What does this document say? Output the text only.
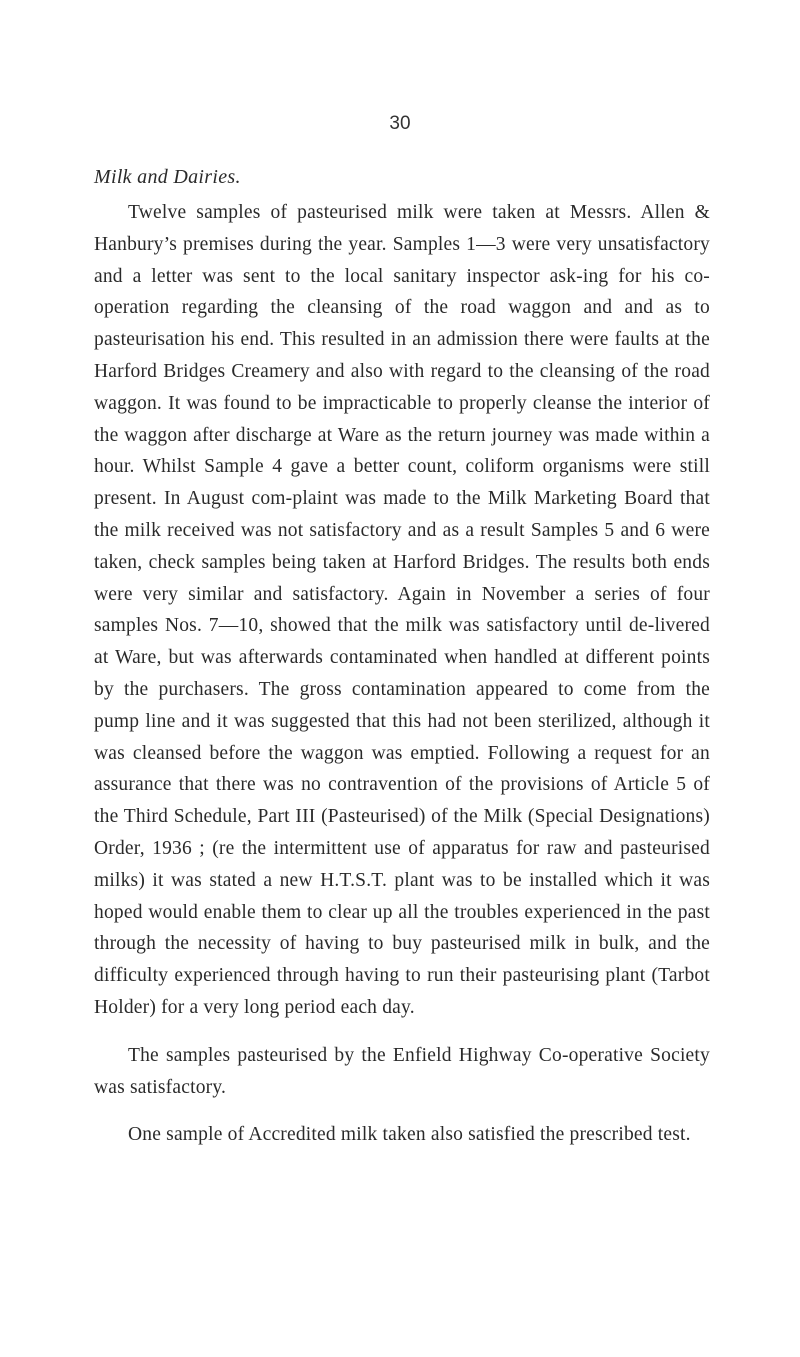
30
Milk and Dairies.

Twelve samples of pasteurised milk were taken at Messrs. Allen & Hanbury’s premises during the year. Samples 1—3 were very unsatisfactory and a letter was sent to the local sanitary inspector ask-ing for his co-operation regarding the cleansing of the road waggon and and as to pasteurisation his end. This resulted in an admission there were faults at the Harford Bridges Creamery and also with regard to the cleansing of the road waggon. It was found to be impracticable to properly cleanse the interior of the waggon after discharge at Ware as the return journey was made within a hour. Whilst Sample 4 gave a better count, coliform organisms were still present. In August com-plaint was made to the Milk Marketing Board that the milk received was not satisfactory and as a result Samples 5 and 6 were taken, check samples being taken at Harford Bridges. The results both ends were very similar and satisfactory. Again in November a series of four samples Nos. 7—10, showed that the milk was satisfactory until de-livered at Ware, but was afterwards contaminated when handled at different points by the purchasers. The gross contamination appeared to come from the pump line and it was suggested that this had not been sterilized, although it was cleansed before the waggon was emptied. Following a request for an assurance that there was no contravention of the provisions of Article 5 of the Third Schedule, Part III (Pasteurised) of the Milk (Special Designations) Order, 1936 ; (re the intermittent use of apparatus for raw and pasteurised milks) it was stated a new H.T.S.T. plant was to be installed which it was hoped would enable them to clear up all the troubles experienced in the past through the necessity of having to buy pasteurised milk in bulk, and the difficulty experienced through having to run their pasteurising plant (Tarbot Holder) for a very long period each day.

The samples pasteurised by the Enfield Highway Co-operative Society was satisfactory.

One sample of Accredited milk taken also satisfied the prescribed test.
